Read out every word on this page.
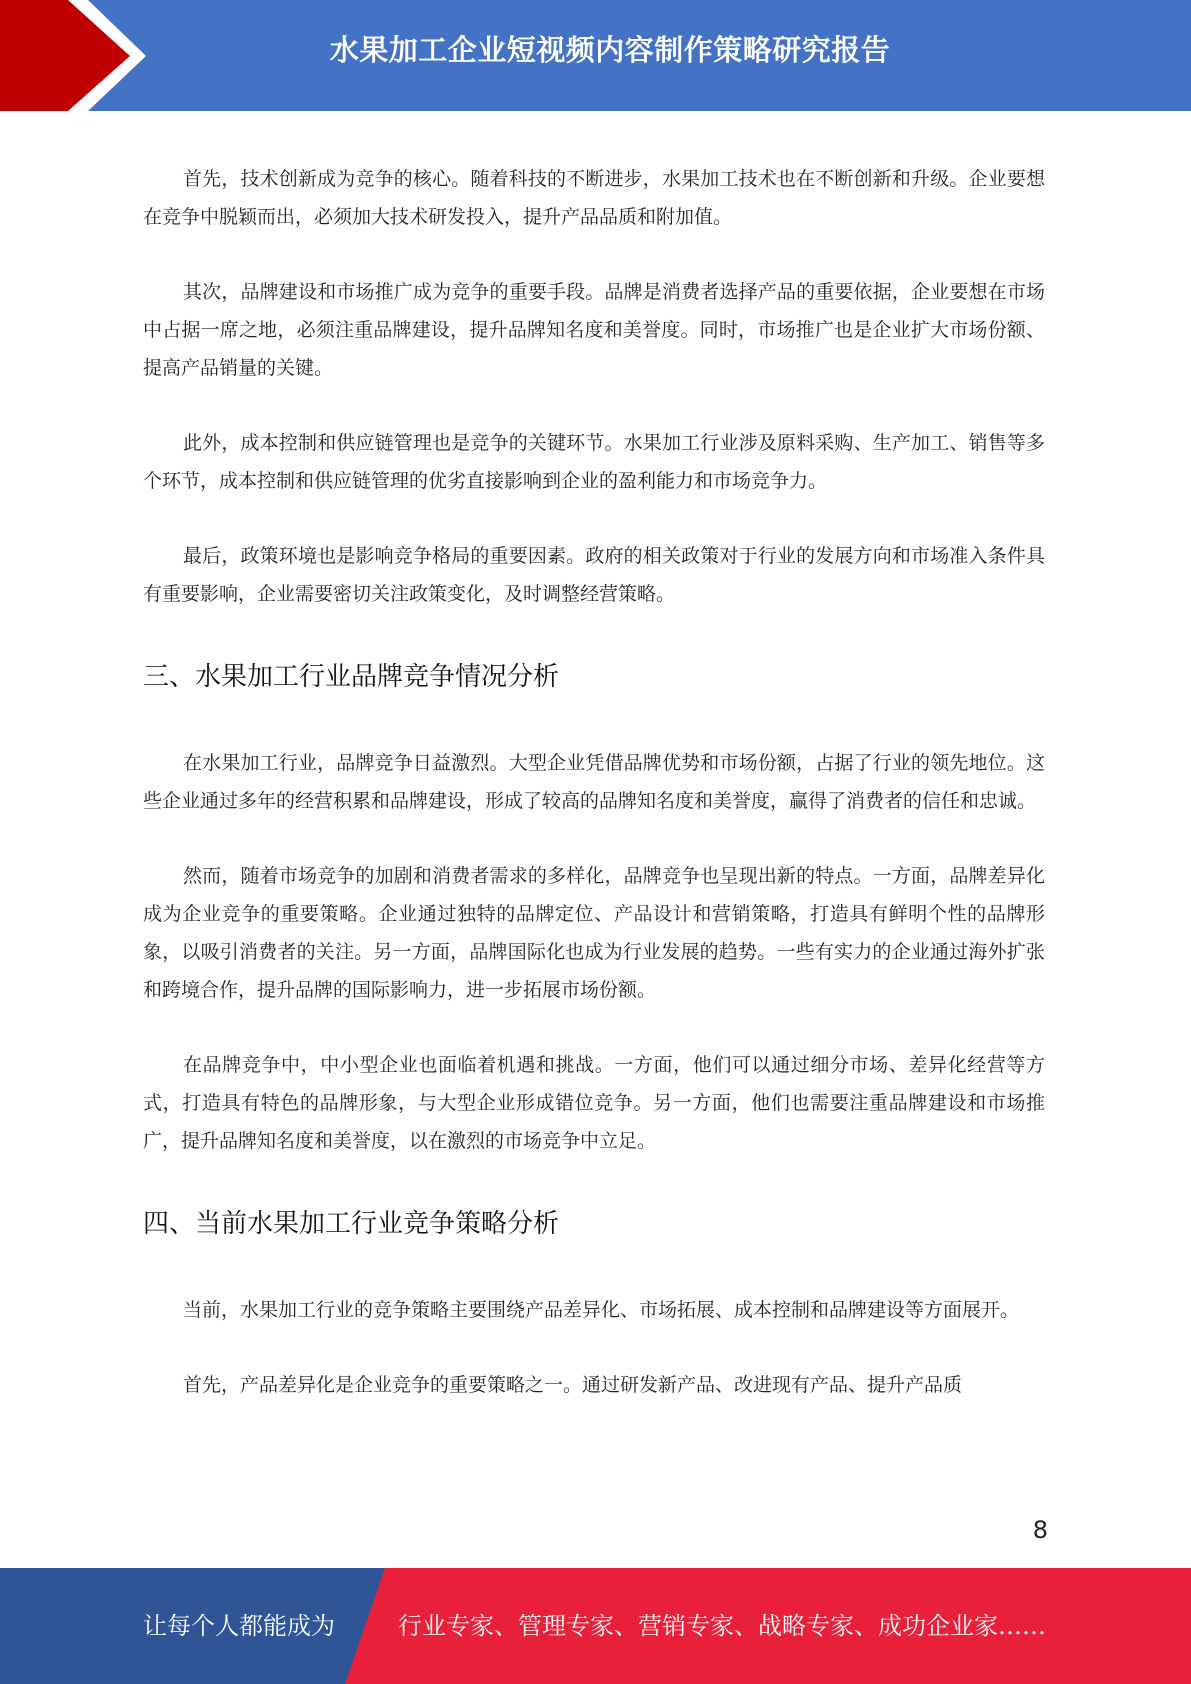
水果加工企业短视频内容制作策略研究报告

首先，技术创新成为竞争的核心。随着科技的不断进步，水果加工技术也在不断创新和升级。企业要想在竞争中脱颖而出，必须加大技术研发投入，提升产品品质和附加值。

其次，品牌建设和市场推广成为竞争的重要手段。品牌是消费者选择产品的重要依据，企业要想在市场中占据一席之地，必须注重品牌建设，提升品牌知名度和美誉度。同时，市场推广也是企业扩大市场份额、提高产品销量的关键。

此外，成本控制和供应链管理也是竞争的关键环节。水果加工行业涉及原料采购、生产加工、销售等多个环节，成本控制和供应链管理的优劣直接影响到企业的盈利能力和市场竞争力。

最后，政策环境也是影响竞争格局的重要因素。政府的相关政策对于行业的发展方向和市场准入条件具有重要影响，企业需要密切关注政策变化，及时调整经营策略。

三、水果加工行业品牌竞争情况分析

在水果加工行业，品牌竞争日益激烈。大型企业凭借品牌优势和市场份额，占据了行业的领先地位。这些企业通过多年的经营积累和品牌建设，形成了较高的品牌知名度和美誉度，赢得了消费者的信任和忠诚。

然而，随着市场竞争的加剧和消费者需求的多样化，品牌竞争也呈现出新的特点。一方面，品牌差异化成为企业竞争的重要策略。企业通过独特的品牌定位、产品设计和营销策略，打造具有鲜明个性的品牌形象，以吸引消费者的关注。另一方面，品牌国际化也成为行业发展的趋势。一些有实力的企业通过海外扩张和跨境合作，提升品牌的国际影响力，进一步拓展市场份额。

在品牌竞争中，中小型企业也面临着机遇和挑战。一方面，他们可以通过细分市场、差异化经营等方式，打造具有特色的品牌形象，与大型企业形成错位竞争。另一方面，他们也需要注重品牌建设和市场推广，提升品牌知名度和美誉度，以在激烈的市场竞争中立足。

四、当前水果加工行业竞争策略分析

当前，水果加工行业的竞争策略主要围绕产品差异化、市场拓展、成本控制和品牌建设等方面展开。

首先，产品差异化是企业竞争的重要策略之一。通过研发新产品、改进现有产品、提升产品质

8
让每个人都能成为	行业专家、管理专家、营销专家、战略专家、成功企业家……
